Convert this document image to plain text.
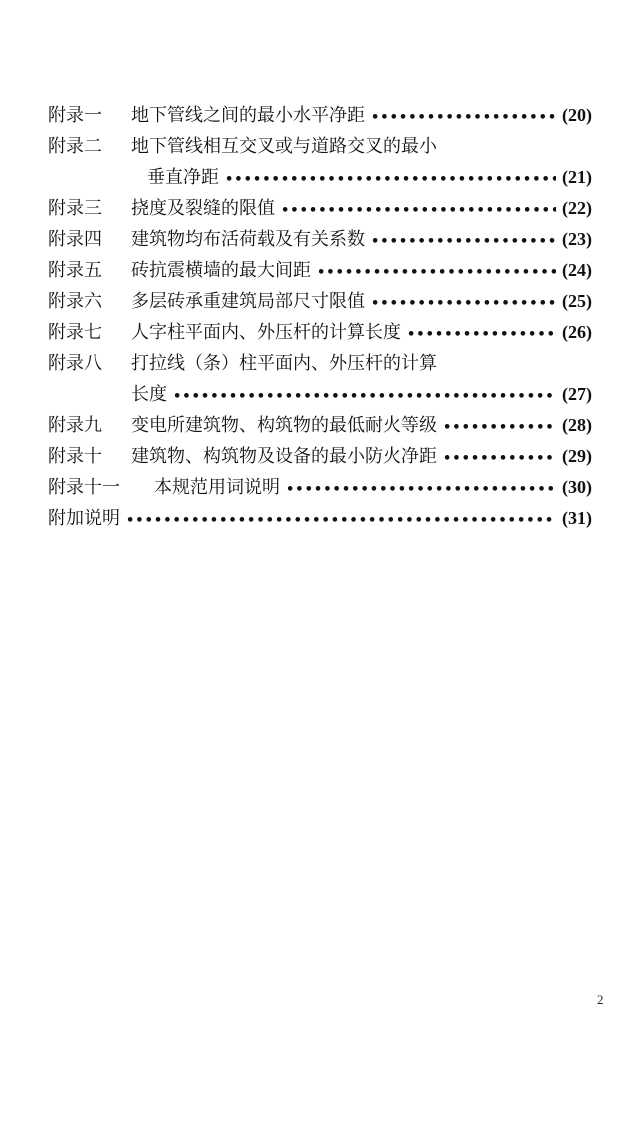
附录一	地下管线之间的最小水平净距 •••••	(20)
附录二	地下管线相互交叉或与道路交叉的最小
垂直净距 •••••	(21)
附录三	挠度及裂缝的限值 •••••	(22)
附录四	建筑物均布活荷载及有关系数 •••••	(23)
附录五	砖抗震横墙的最大间距 •••••	(24)
附录六	多层砖承重建筑局部尺寸限值 •••••	(25)
附录七	人字柱平面内、外压杆的计算长度 •••••	(26)
附录八	打拉线（条）柱平面内、外压杆的计算
长度 •••••	(27)
附录九	变电所建筑物、构筑物的最低耐火等级 •••••	(28)
附录十	建筑物、构筑物及设备的最小防火净距 •••••	(29)
附录十一	本规范用词说明 •••••	(30)
附加说明 •••••	(31)
2
